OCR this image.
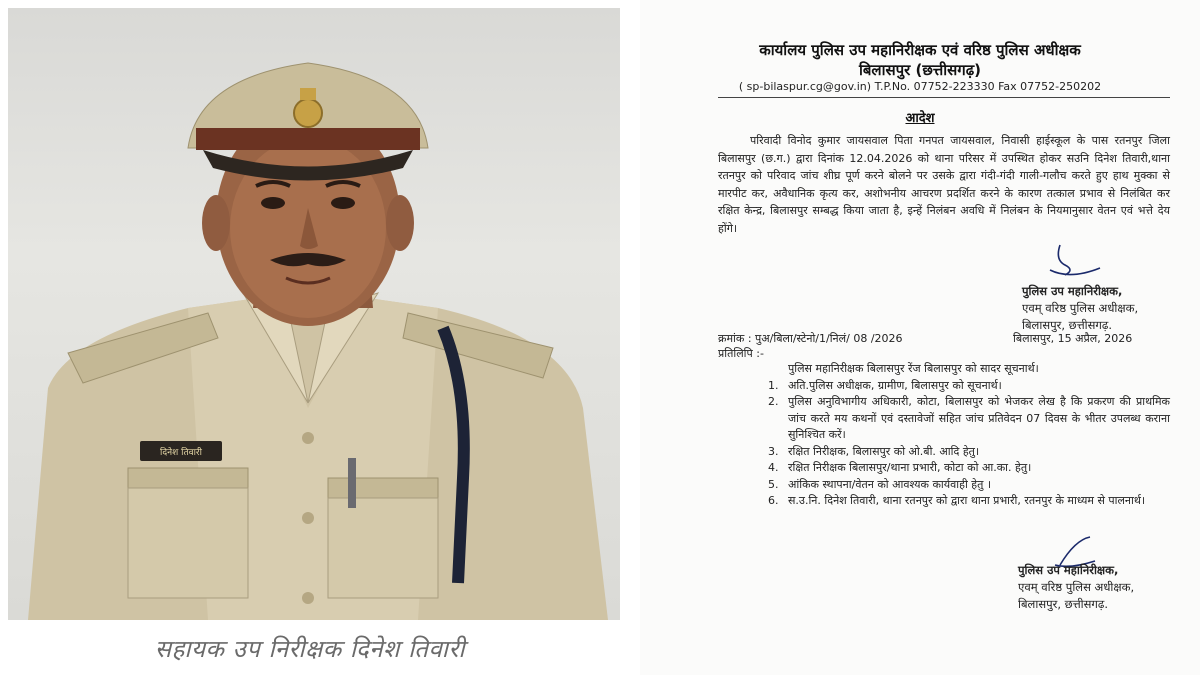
दिनेश तिवारी
सहायक उप निरीक्षक दिनेश तिवारी
कार्यालय पुलिस उप महानिरीक्षक एवं वरिष्ठ पुलिस अधीक्षक
बिलासपुर (छत्तीसगढ़)
( sp-bilaspur.cg@gov.in) T.P.No. 07752-223330 Fax 07752-250202
आदेश
परिवादी विनोद कुमार जायसवाल पिता गनपत जायसवाल, निवासी हाईस्कूल के पास रतनपुर जिला बिलासपुर (छ.ग.) द्वारा दिनांक 12.04.2026 को थाना परिसर में उपस्थित होकर सउनि दिनेश तिवारी,थाना रतनपुर को परिवाद जांच शीघ्र पूर्ण करने बोलने पर उसके द्वारा गंदी-गंदी गाली-गलौच करते हुए हाथ मुक्का से मारपीट कर, अवैधानिक कृत्य कर, अशोभनीय आचरण प्रदर्शित करने के कारण तत्काल प्रभाव से निलंबित कर रक्षित केन्द्र, बिलासपुर सम्बद्ध किया जाता है, इन्हें निलंबन अवधि में निलंबन के नियमानुसार वेतन एवं भत्ते देय होंगे।
पुलिस उप महानिरीक्षक,
एवम् वरिष्ठ पुलिस अधीक्षक,
बिलासपुर, छत्तीसगढ़.
क्रमांक : पुअ/बिला/स्टेनो/1/निलं/ 08 /2026	बिलासपुर, 15 अप्रैल, 2026
प्रतिलिपि :-
पुलिस महानिरीक्षक बिलासपुर रेंज बिलासपुर को सादर सूचनार्थ।
1. अति.पुलिस अधीक्षक, ग्रामीण, बिलासपुर को सूचनार्थ।
2. पुलिस अनुविभागीय अधिकारी, कोटा, बिलासपुर को भेजकर लेख है कि प्रकरण की प्राथमिक जांच करते मय कथनों एवं दस्तावेजों सहित जांच प्रतिवेदन 07 दिवस के भीतर उपलब्ध कराना सुनिश्चित करें।
3. रक्षित निरीक्षक, बिलासपुर को ओ.बी. आदि हेतु।
4. रक्षित निरीक्षक बिलासपुर/थाना प्रभारी, कोटा को आ.का. हेतु।
5. आंकिक स्थापना/वेतन को आवश्यक कार्यवाही हेतु ।
6. स.उ.नि. दिनेश तिवारी, थाना रतनपुर को द्वारा थाना प्रभारी, रतनपुर के माध्यम से पालनार्थ।
पुलिस उप महानिरीक्षक,
एवम् वरिष्ठ पुलिस अधीक्षक,
बिलासपुर, छत्तीसगढ़.
